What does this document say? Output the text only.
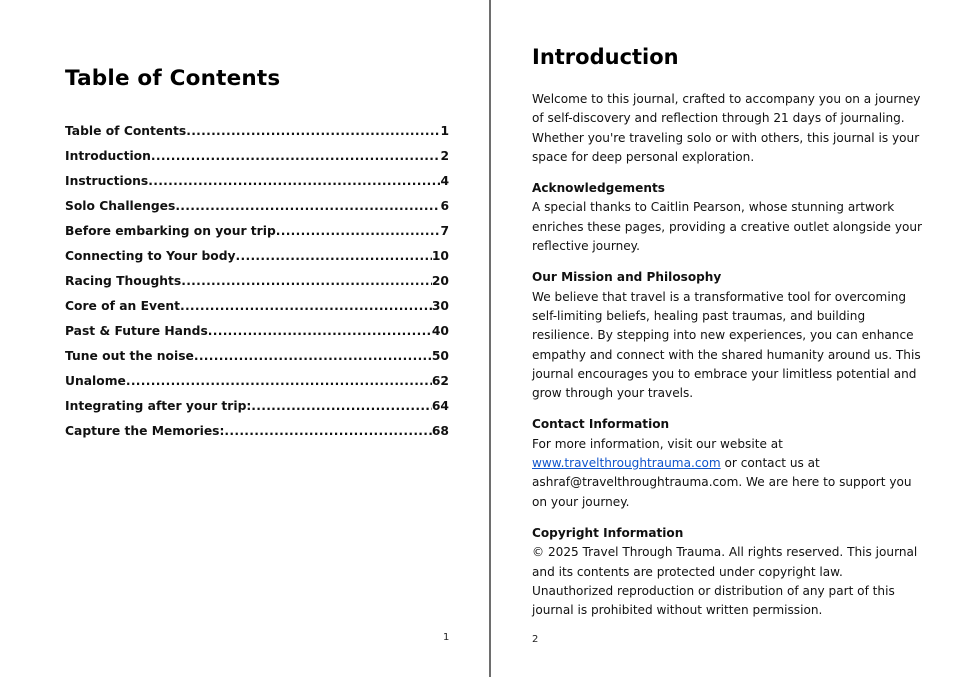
Table of Contents
Table of Contents .....	1
Introduction .....	2
Instructions .....	4
Solo Challenges .....	6
Before embarking on your trip .....	7
Connecting to Your body .....	10
Racing Thoughts .....	20
Core of an Event .....	30
Past & Future Hands .....	40
Tune out the noise .....	50
Unalome .....	62
Integrating after your trip: .....	64
Capture the Memories: .....	68
1
Introduction

Welcome to this journal, crafted to accompany you on a journey of self-discovery and reflection through 21 days of journaling. Whether you're traveling solo or with others, this journal is your space for deep personal exploration.

Acknowledgements
A special thanks to Caitlin Pearson, whose stunning artwork enriches these pages, providing a creative outlet alongside your reflective journey.
Our Mission and Philosophy
We believe that travel is a transformative tool for overcoming self-limiting beliefs, healing past traumas, and building resilience. By stepping into new experiences, you can enhance empathy and connect with the shared humanity around us. This journal encourages you to embrace your limitless potential and grow through your travels.
Contact Information
For more information, visit our website at www.travelthroughtrauma.com or contact us at ashraf@travelthroughtrauma.com. We are here to support you on your journey.
Copyright Information
© 2025 Travel Through Trauma. All rights reserved. This journal and its contents are protected under copyright law. Unauthorized reproduction or distribution of any part of this journal is prohibited without written permission.
2
